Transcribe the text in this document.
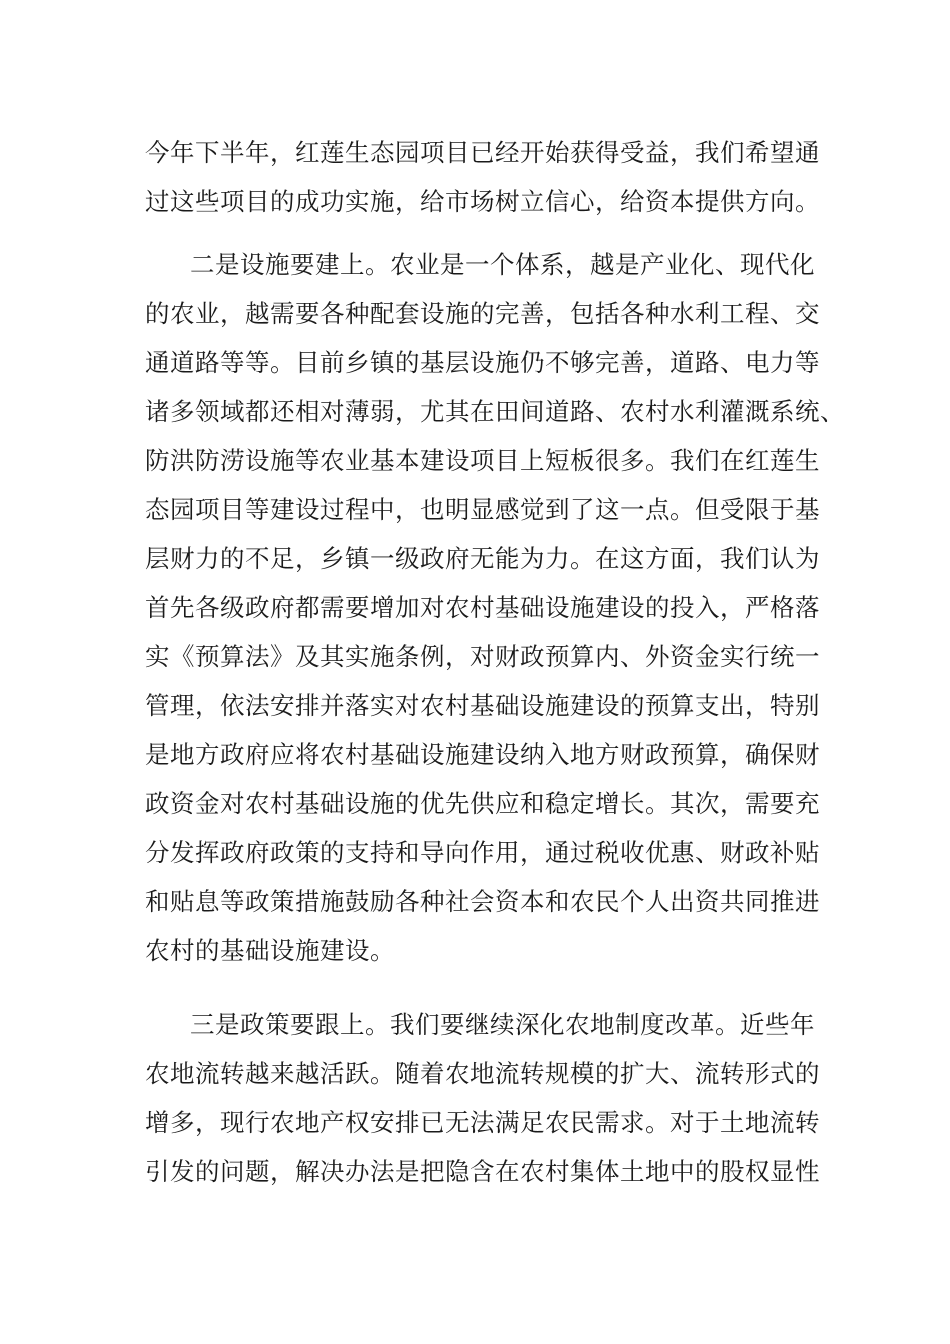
今年下半年，红莲生态园项目已经开始获得受益，我们希望通
过这些项目的成功实施，给市场树立信心，给资本提供方向。
二是设施要建上。农业是一个体系，越是产业化、现代化
的农业，越需要各种配套设施的完善，包括各种水利工程、交
通道路等等。目前乡镇的基层设施仍不够完善，道路、电力等
诸多领域都还相对薄弱，尤其在田间道路、农村水利灌溉系统、
防洪防涝设施等农业基本建设项目上短板很多。我们在红莲生
态园项目等建设过程中，也明显感觉到了这一点。但受限于基
层财力的不足，乡镇一级政府无能为力。在这方面，我们认为
首先各级政府都需要增加对农村基础设施建设的投入，严格落
实《预算法》及其实施条例，对财政预算内、外资金实行统一
管理，依法安排并落实对农村基础设施建设的预算支出，特别
是地方政府应将农村基础设施建设纳入地方财政预算，确保财
政资金对农村基础设施的优先供应和稳定增长。其次，需要充
分发挥政府政策的支持和导向作用，通过税收优惠、财政补贴
和贴息等政策措施鼓励各种社会资本和农民个人出资共同推进
农村的基础设施建设。
三是政策要跟上。我们要继续深化农地制度改革。近些年
农地流转越来越活跃。随着农地流转规模的扩大、流转形式的
增多，现行农地产权安排已无法满足农民需求。对于土地流转
引发的问题，解决办法是把隐含在农村集体土地中的股权显性
